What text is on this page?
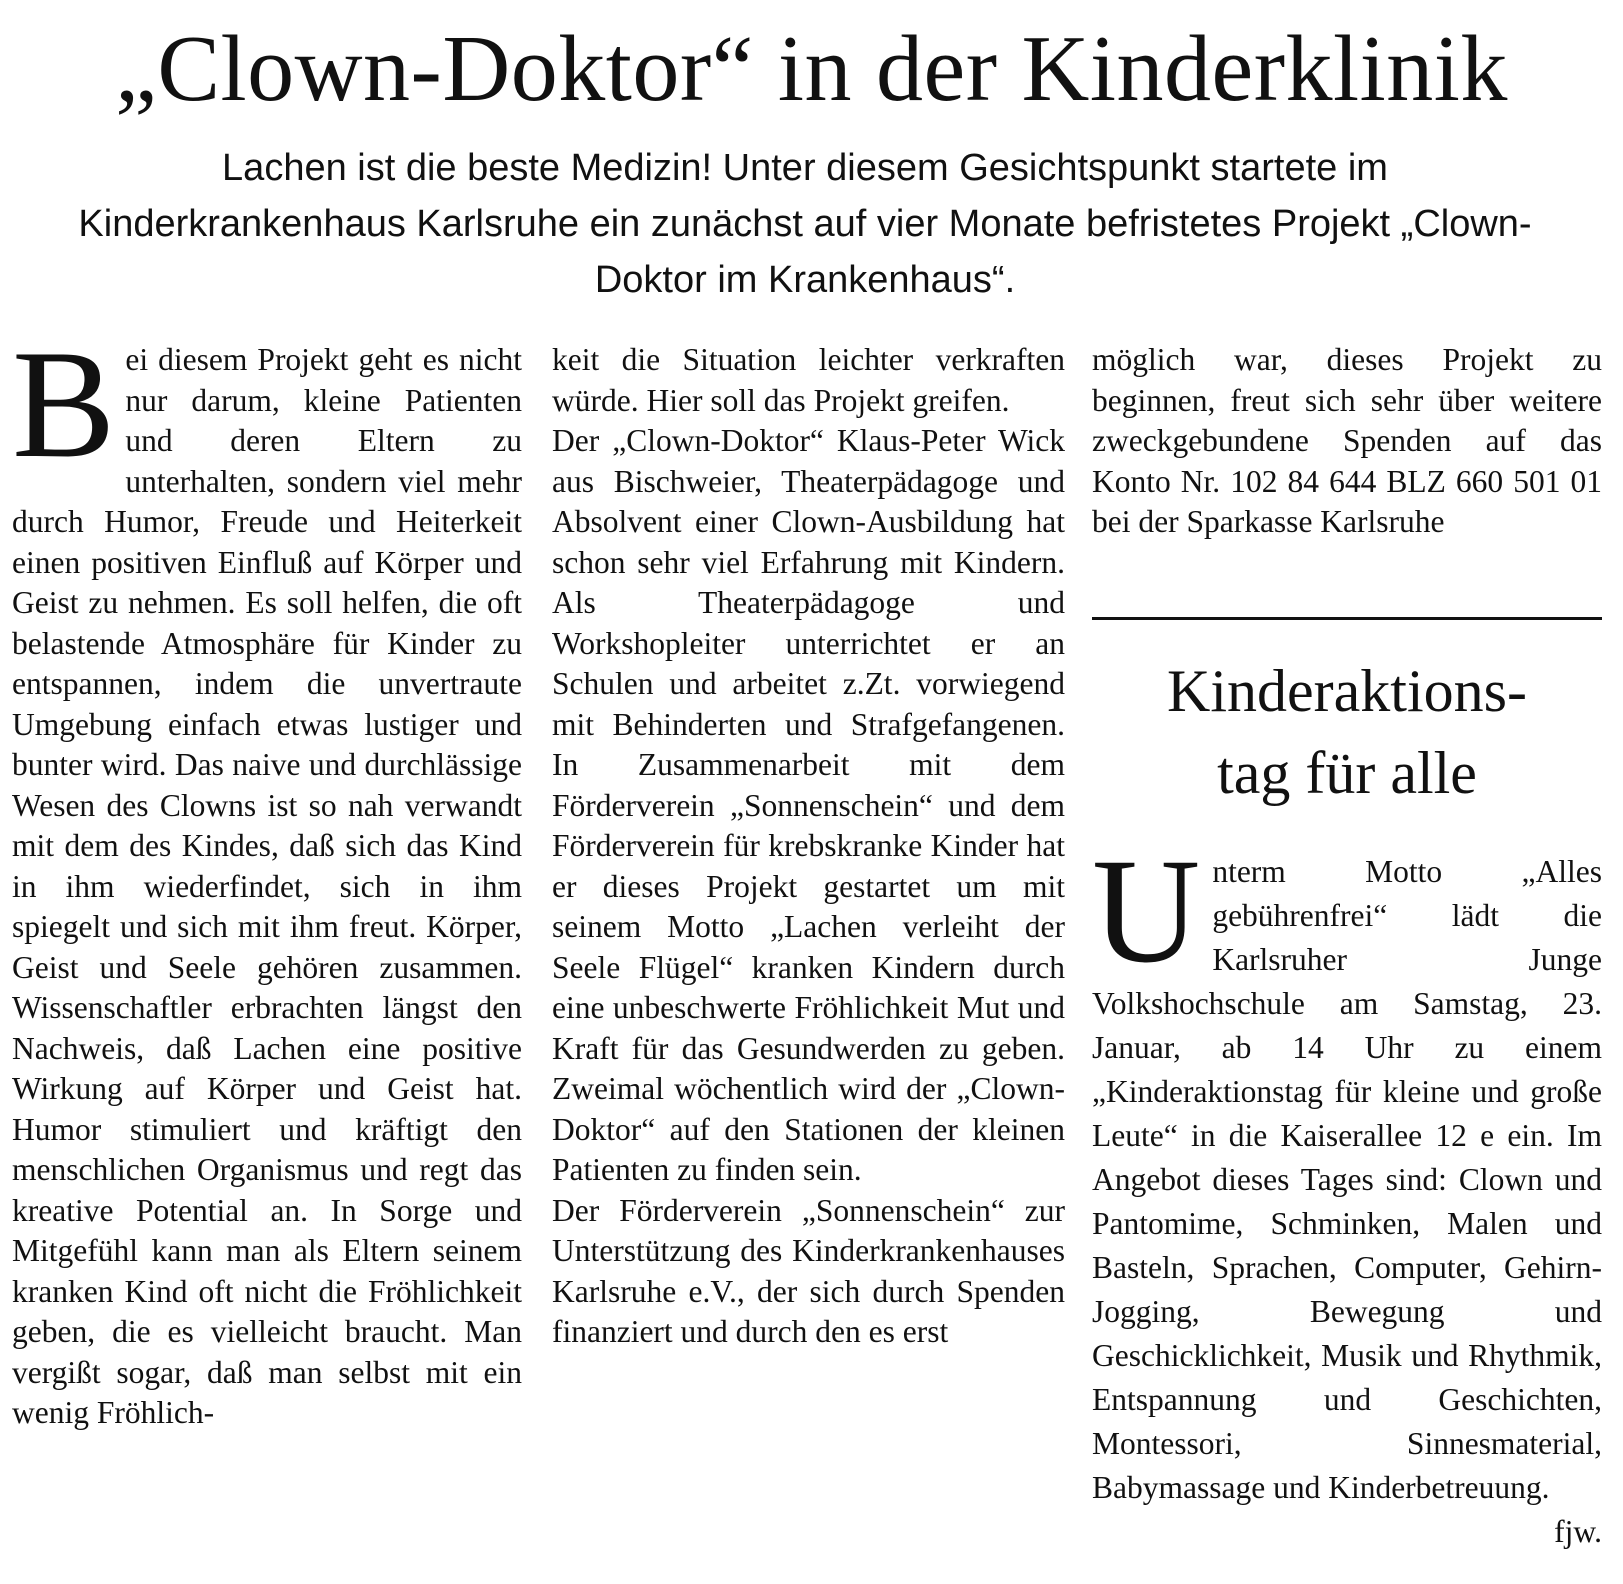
„Clown-Doktor“ in der Kinderklinik
Lachen ist die beste Medizin! Unter diesem Gesichtspunkt startete im Kinderkrankenhaus Karlsruhe ein zunächst auf vier Monate befristetes Projekt „Clown-Doktor im Krankenhaus“.
B ei diesem Projekt geht es nicht nur darum, kleine Patienten und deren Eltern zu unterhalten, sondern viel mehr durch Humor, Freude und Heiterkeit einen positiven Einfluß auf Körper und Geist zu nehmen. Es soll helfen, die oft belastende Atmosphäre für Kinder zu entspannen, indem die unvertraute Umgebung einfach etwas lustiger und bunter wird. Das naive und durchlässige Wesen des Clowns ist so nah verwandt mit dem des Kindes, daß sich das Kind in ihm wiederfindet, sich in ihm spiegelt und sich mit ihm freut. Körper, Geist und Seele gehören zusammen. Wissenschaftler erbrachten längst den Nachweis, daß Lachen eine positive Wirkung auf Körper und Geist hat. Humor stimuliert und kräftigt den menschlichen Organismus und regt das kreative Potential an. In Sorge und Mitgefühl kann man als Eltern seinem kranken Kind oft nicht die Fröhlichkeit geben, die es vielleicht braucht. Man vergißt sogar, daß man selbst mit ein wenig Fröhlich-

keit die Situation leichter verkraften würde. Hier soll das Projekt greifen.

Der „Clown-Doktor“ Klaus-Peter Wick aus Bischweier, Theaterpädagoge und Absolvent einer Clown-Ausbildung hat schon sehr viel Erfahrung mit Kindern. Als Theaterpädagoge und Workshopleiter unterrichtet er an Schulen und arbeitet z.Zt. vorwiegend mit Behinderten und Strafgefangenen. In Zusammenarbeit mit dem Förderverein „Sonnenschein“ und dem Förderverein für krebskranke Kinder hat er dieses Projekt gestartet um mit seinem Motto „Lachen verleiht der Seele Flügel“ kranken Kindern durch eine unbeschwerte Fröhlichkeit Mut und Kraft für das Gesundwerden zu geben. Zweimal wöchentlich wird der „Clown-Doktor“ auf den Stationen der kleinen Patienten zu finden sein.

Der Förderverein „Sonnenschein“ zur Unterstützung des Kinderkrankenhauses Karlsruhe e.V., der sich durch Spenden finanziert und durch den es erst

möglich war, dieses Projekt zu beginnen, freut sich sehr über weitere zweckgebundene Spenden auf das Konto Nr. 102 84 644 BLZ 660 501 01 bei der Sparkasse Karlsruhe

Kinderaktions-
tag für alle
U nterm Motto „Alles gebührenfrei“ lädt die Karlsruher Junge Volkshochschule am Samstag, 23. Januar, ab 14 Uhr zu einem „Kinderaktionstag für kleine und große Leute“ in die Kaiserallee 12 e ein. Im Angebot dieses Tages sind: Clown und Pantomime, Schminken, Malen und Basteln, Sprachen, Computer, Gehirn-Jogging, Bewegung und Geschicklichkeit, Musik und Rhythmik, Entspannung und Geschichten, Montessori, Sinnesmaterial, Babymassage und Kinderbetreuung.
fjw.
